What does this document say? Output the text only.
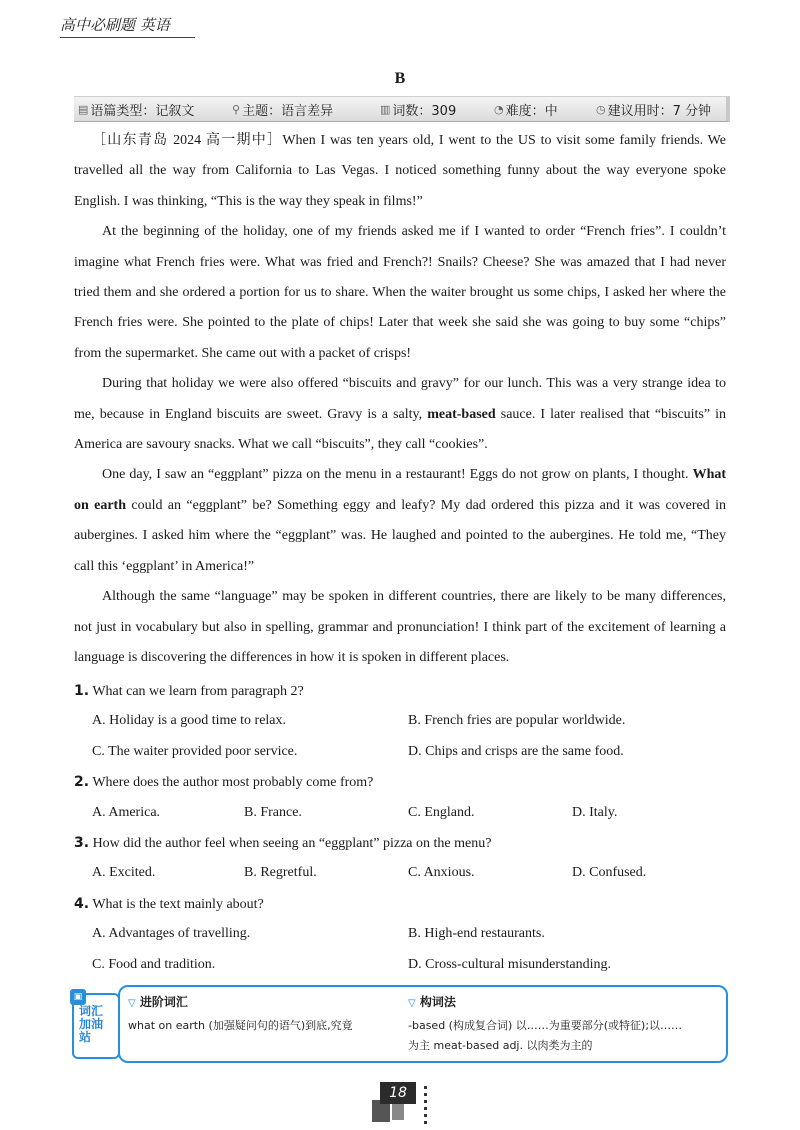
高中必刷题 英语
B
▤ 语篇类型：记叙文	⚲ 主题：语言差异	▥ 词数：309	◔ 难度：中	◷ 建议用时：7 分钟

［山东青岛 2024 高一期中］When I was ten years old, I went to the US to visit some family friends. We travelled all the way from California to Las Vegas. I noticed something funny about the way everyone spoke English. I was thinking, “This is the way they speak in films!”

At the beginning of the holiday, one of my friends asked me if I wanted to order “French fries”. I couldn’t imagine what French fries were. What was fried and French?! Snails? Cheese? She was amazed that I had never tried them and she ordered a portion for us to share. When the waiter brought us some chips, I asked her where the French fries were. She pointed to the plate of chips! Later that week she said she was going to buy some “chips” from the supermarket. She came out with a packet of crisps!

During that holiday we were also offered “biscuits and gravy” for our lunch. This was a very strange idea to me, because in England biscuits are sweet. Gravy is a salty, meat-based sauce. I later realised that “biscuits” in America are savoury snacks. What we call “biscuits”, they call “cookies”.

One day, I saw an “eggplant” pizza on the menu in a restaurant! Eggs do not grow on plants, I thought. What on earth could an “eggplant” be? Something eggy and leafy? My dad ordered this pizza and it was covered in aubergines. I asked him where the “eggplant” was. He laughed and pointed to the aubergines. He told me, “They call this ‘eggplant’ in America!”

Although the same “language” may be spoken in different countries, there are likely to be many differences, not just in vocabulary but also in spelling, grammar and pronunciation! I think part of the excitement of learning a language is discovering the differences in how it is spoken in different places.

1. What can we learn from paragraph 2?
A. Holiday is a good time to relax.	B. French fries are popular worldwide.
C. The waiter provided poor service.	D. Chips and crisps are the same food.
2. Where does the author most probably come from?
A. America.	B. France.	C. England.	D. Italy.
3. How did the author feel when seeing an “eggplant” pizza on the menu?
A. Excited.	B. Regretful.	C. Anxious.	D. Confused.
4. What is the text mainly about?
A. Advantages of travelling.	B. High-end restaurants.
C. Food and tradition.	D. Cross-cultural misunderstanding.
▽ 进阶词汇
what on earth (加强疑问句的语气)到底,究竟
▽ 构词法
-based (构成复合词) 以……为重要部分(或特征);以……
为主 meat-based adj. 以肉类为主的
▣
词汇加油站
18
